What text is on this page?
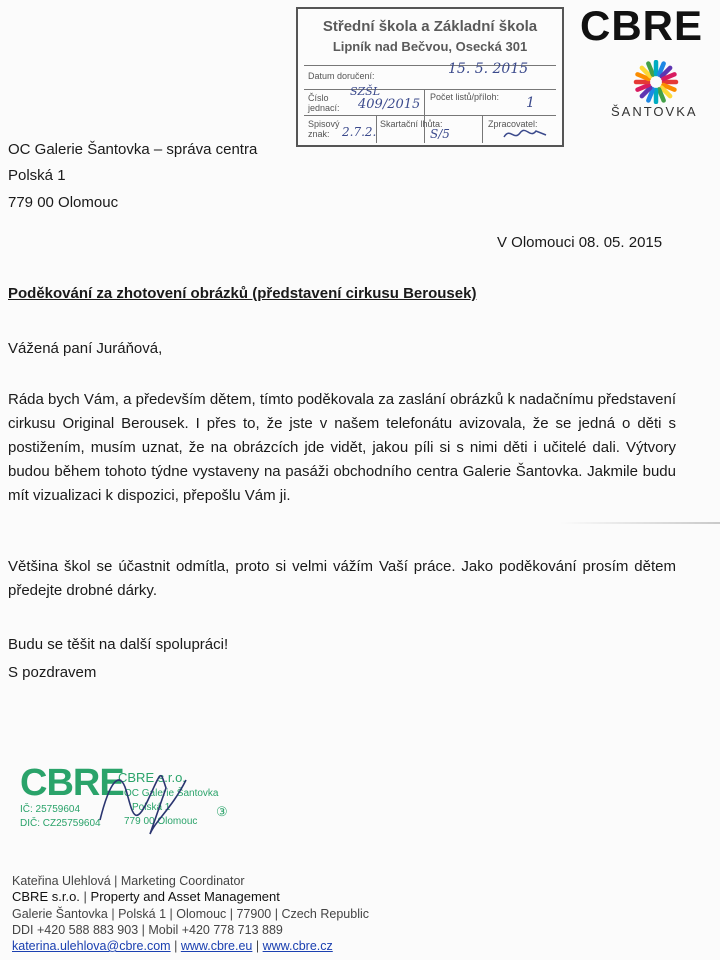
Střední škola a Základní škola
Lipník nad Bečvou, Osecká 301
Datum doručení:	15. 5. 2015
Číslo jednací:
SZŠL
409/2015 Počet listů/příloh: 1
Spisový znak:	2.7.2.
Skartační lhůta:
S/5
Zpracovatel:
CBRE
ŠANTOVKA
OC Galerie Šantovka – správa centra
Polská 1
779 00 Olomouc
V Olomouci 08. 05. 2015
Poděkování za zhotovení obrázků (představení cirkusu Berousek)
Vážená paní Juráňová,
Ráda bych Vám, a především dětem, tímto poděkovala za zaslání obrázků k nadačnímu představení cirkusu Original Berousek. I přes to, že jste v našem telefonátu avizovala, že se jedná o děti s postižením, musím uznat, že na obrázcích jde vidět, jakou píli si s nimi děti i učitelé dali. Výtvory budou během tohoto týdne vystaveny na pasáži obchodního centra Galerie Šantovka. Jakmile budu mít vizualizaci k dispozici, přepošlu Vám ji.
Většina škol se účastnit odmítla, proto si velmi vážím Vaší práce. Jako poděkování prosím dětem předejte drobné dárky.
Budu se těšit na další spolupráci!
S pozdravem
CBRE
CBRE s.r.o.
OC Galerie Šantovka
Polská 1
779 00 Olomouc
IČ: 25759604
DIČ: CZ25759604
③
Kateřina Ulehlová | Marketing Coordinator
CBRE s.r.o. | Property and Asset Management
Galerie Šantovka | Polská 1 | Olomouc | 77900 | Czech Republic
DDI +420 588 883 903 | Mobil +420 778 713 889
katerina.ulehlova@cbre.com | www.cbre.eu | www.cbre.cz
